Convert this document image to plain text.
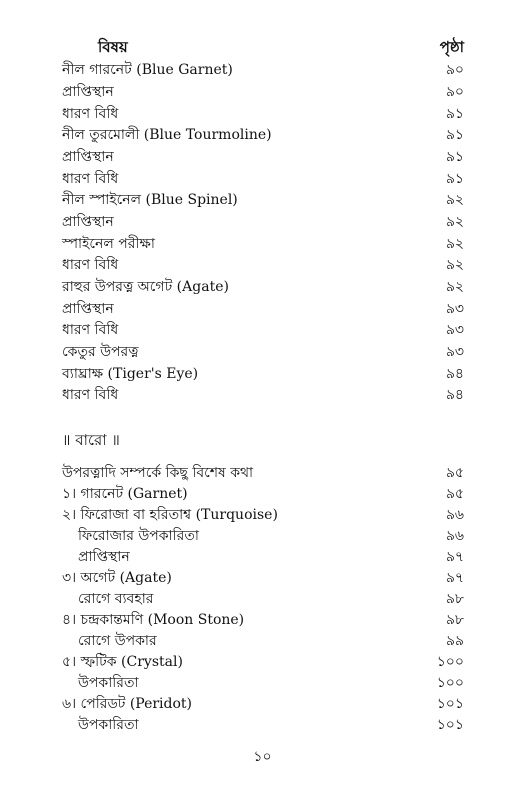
বিষয়	পৃষ্ঠা
নীল গারনেট (Blue Garnet)	৯০
প্রাপ্তিস্থান	৯০
ধারণ বিধি	৯১
নীল তুরমোলী (Blue Tourmoline)	৯১
প্রাপ্তিস্থান	৯১
ধারণ বিধি	৯১
নীল স্পাইনেল (Blue Spinel)	৯২
প্রাপ্তিস্থান	৯২
স্পাইনেল পরীক্ষা	৯২
ধারণ বিধি	৯২
রাহুর উপরত্ন অগেট (Agate)	৯২
প্রাপ্তিস্থান	৯৩
ধারণ বিধি	৯৩
কেতুর উপরত্ন	৯৩
ব্যাঘ্রাক্ষ (Tiger's Eye)	৯৪
ধারণ বিধি	৯৪
॥ বারো ॥
উপরত্নাদি সম্পর্কে কিছু বিশেষ কথা	৯৫
১। গারনেট (Garnet)	৯৫
২। ফিরোজা বা হরিতাশ্ব (Turquoise)	৯৬
ফিরোজার উপকারিতা	৯৬
প্রাপ্তিস্থান	৯৭
৩। অগেট (Agate)	৯৭
রোগে ব্যবহার	৯৮
৪। চন্দ্রকান্তমণি (Moon Stone)	৯৮
রোগে উপকার	৯৯
৫। স্ফটিক (Crystal)	১০০
উপকারিতা	১০০
৬। পেরিডট (Peridot)	১০১
উপকারিতা	১০১
১০
